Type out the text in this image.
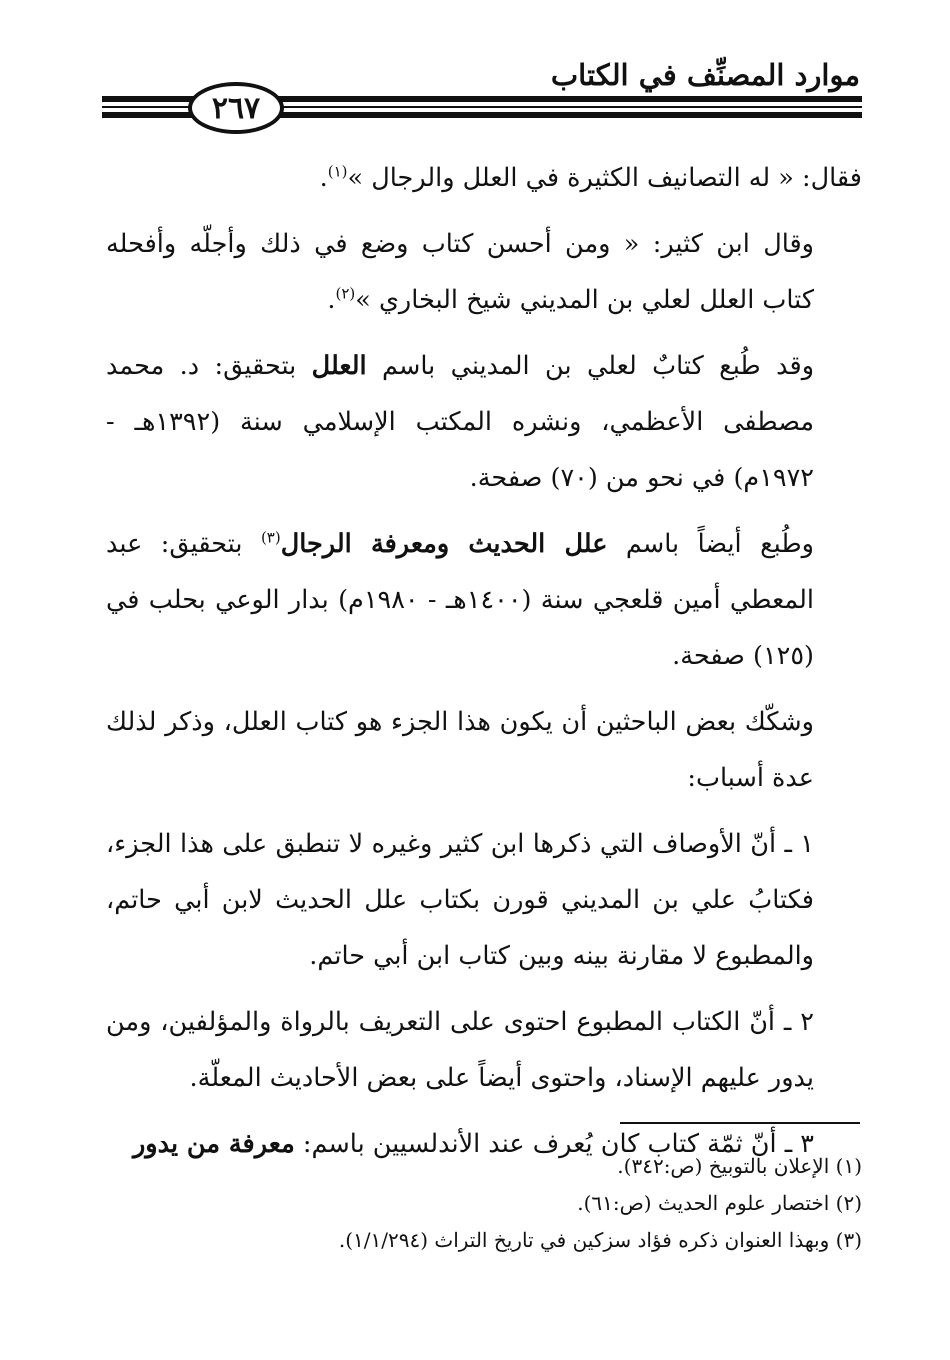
موارد المصنِّف في الكتاب
٢٦٧

فقال: « له التصانيف الكثيرة في العلل والرجال »$^{(١)}$.

وقال ابن كثير: « ومن أحسن كتاب وضع في ذلك وأجلّه وأفحله كتاب العلل لعلي بن المديني شيخ البخاري »$^{(٢)}$.

وقد طُبع كتابٌ لعلي بن المديني باسم العلل بتحقيق: د. محمد مصطفى الأعظمي، ونشره المكتب الإسلامي سنة (١٣٩٢هـ - ١٩٧٢م) في نحو من (٧٠) صفحة.

وطُبع أيضاً باسم علل الحديث ومعرفة الرجال$^{(٣)}$ بتحقيق: عبد المعطي أمين قلعجي سنة (١٤٠٠هـ - ١٩٨٠م) بدار الوعي بحلب في (١٢٥) صفحة.

وشكّك بعض الباحثين أن يكون هذا الجزء هو كتاب العلل، وذكر لذلك عدة أسباب:

١ ـ أنّ الأوصاف التي ذكرها ابن كثير وغيره لا تنطبق على هذا الجزء، فكتابُ علي بن المديني قورن بكتاب علل الحديث لابن أبي حاتم، والمطبوع لا مقارنة بينه وبين كتاب ابن أبي حاتم.

٢ ـ أنّ الكتاب المطبوع احتوى على التعريف بالرواة والمؤلفين، ومن يدور عليهم الإسناد، واحتوى أيضاً على بعض الأحاديث المعلّة.

٣ ـ أنّ ثمّة كتاب كان يُعرف عند الأندلسيين باسم: معرفة من يدور

(١) الإعلان بالتوبيخ (ص:٣٤٢).

(٢) اختصار علوم الحديث (ص:٦١).

(٣) وبهذا العنوان ذكره فؤاد سزكين في تاريخ التراث (١/١/٢٩٤).
